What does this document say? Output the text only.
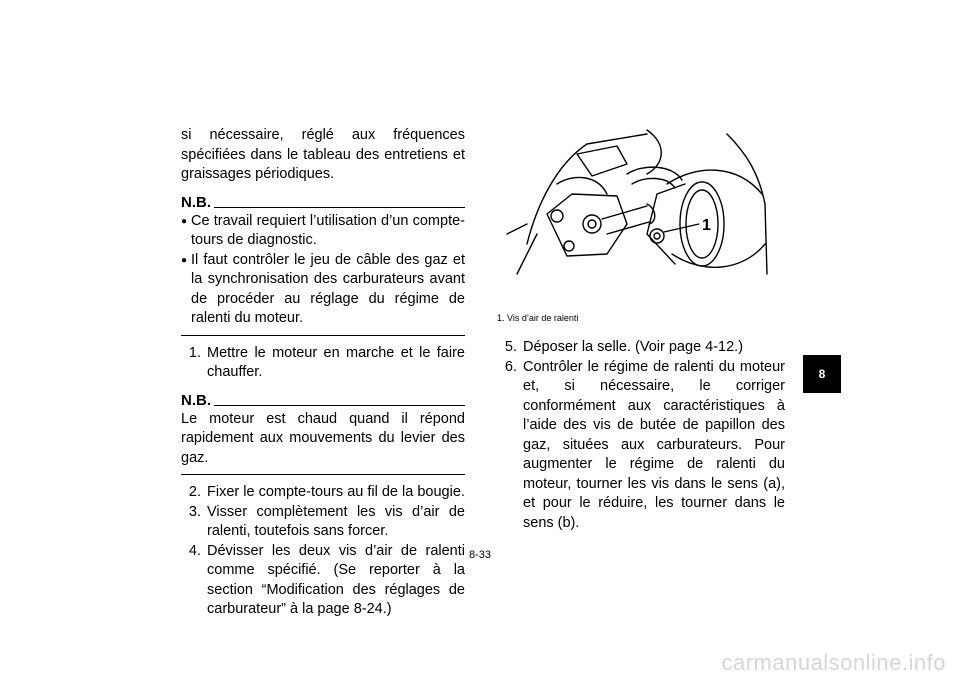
si nécessaire, réglé aux fréquences spécifiées dans le tableau des entretiens et graissages périodiques.
N.B.
● Ce travail requiert l’utilisation d’un compte-tours de diagnostic.
● Il faut contrôler le jeu de câble des gaz et la synchronisation des carburateurs avant de procéder au réglage du régime de ralenti du moteur.
1. Mettre le moteur en marche et le faire chauffer.
N.B.
Le moteur est chaud quand il répond rapidement aux mouvements du levier des gaz.
2. Fixer le compte-tours au fil de la bougie.
3. Visser complètement les vis d’air de ralenti, toutefois sans forcer.
4. Dévisser les deux vis d’air de ralenti comme spécifié. (Se reporter à la section “Modification des réglages de carburateur” à la page 8-24.)
1
1. Vis d’air de ralenti
5. Déposer la selle. (Voir page 4-12.)
6. Contrôler le régime de ralenti du moteur et, si nécessaire, le corriger conformément aux caractéristiques à l’aide des vis de butée de papillon des gaz, situées aux carburateurs. Pour augmenter le régime de ralenti du moteur, tourner les vis dans le sens (a), et pour le réduire, les tourner dans le sens (b).
8
8-33
carmanualsonline.info
